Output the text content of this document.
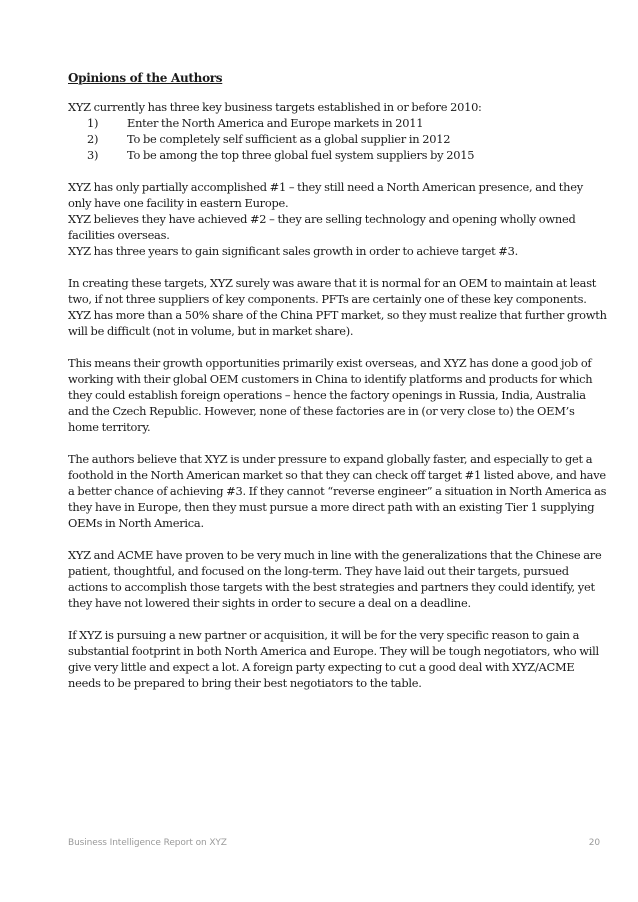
Opinions of the Authors

XYZ currently has three key business targets established in or before 2010:

1)	Enter the North America and Europe markets in 2011
2)	To be completely self sufficient as a global supplier in 2012
3)	To be among the top three global fuel system suppliers by 2015

XYZ has only partially accomplished #1 – they still need a North American presence, and they only have one facility in eastern Europe.

XYZ believes they have achieved #2 – they are selling technology and opening wholly owned facilities overseas.

XYZ has three years to gain significant sales growth in order to achieve target #3.

In creating these targets, XYZ surely was aware that it is normal for an OEM to maintain at least two, if not three suppliers of key components. PFTs are certainly one of these key components. XYZ has more than a 50% share of the China PFT market, so they must realize that further growth will be difficult (not in volume, but in market share).

This means their growth opportunities primarily exist overseas, and XYZ has done a good job of working with their global OEM customers in China to identify platforms and products for which they could establish foreign operations – hence the factory openings in Russia, India, Australia and the Czech Republic. However, none of these factories are in (or very close to) the OEM’s home territory.

The authors believe that XYZ is under pressure to expand globally faster, and especially to get a foothold in the North American market so that they can check off target #1 listed above, and have a better chance of achieving #3. If they cannot “reverse engineer” a situation in North America as they have in Europe, then they must pursue a more direct path with an existing Tier 1 supplying OEMs in North America.

XYZ and ACME have proven to be very much in line with the generalizations that the Chinese are patient, thoughtful, and focused on the long-term. They have laid out their targets, pursued actions to accomplish those targets with the best strategies and partners they could identify, yet they have not lowered their sights in order to secure a deal on a deadline.

If XYZ is pursuing a new partner or acquisition, it will be for the very specific reason to gain a substantial footprint in both North America and Europe. They will be tough negotiators, who will give very little and expect a lot. A foreign party expecting to cut a good deal with XYZ/ACME needs to be prepared to bring their best negotiators to the table.

Business Intelligence Report on XYZ	20
